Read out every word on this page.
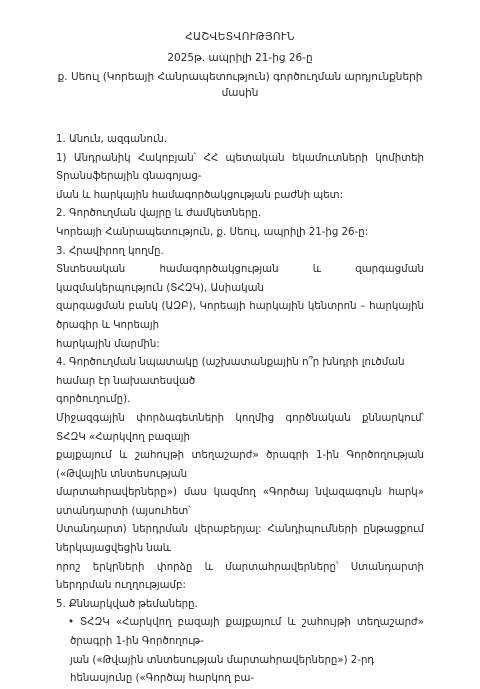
ՀԱՇՎԵՏՎՈՒԹՅՈՒՆ
2025թ. ապրիլի 21-ից 26-ը
ք. Սեուլ (Կորեայի Հանրապետություն) գործուղման արդյունքների մասին
1. Անուն, ազգանուն.
1) Անդրանիկ Հակոբյան՝ ՀՀ պետական եկամուտների կոմիտեի Տրանսֆերային գնագոյաց-
ման և հարկային համագործակցության բաժնի պետ:
2. Գործուղման վայրը և ժամկետները.
Կորեայի Հանրապետություն, ք. Սեուլ, ապրիլի 21-ից 26-ը:
3. Հրավիրող կողմը.
Տնտեսական համագործակցության և զարգացման կազմակերպություն (ՏՀԶԿ), Ասիական
զարգացման բանկ (ԱԶԲ), Կորեայի հարկային կենտրոն – հարկային ծրագիր և Կորեայի
հարկային մարմին:
4. Գործուղման նպատակը (աշխատանքային ո՞ր խնդրի լուծման համար էր նախատեսված
գործուղումը).
Միջազգային փորձագետների կողմից գործնական քննարկում՝ ՏՀԶԿ «Հարկվող բազայի
քայքայում և շահույթի տեղաշարժ» ծրագրի 1-ին Գործողության («Թվային տնտեսության
մարտահրավերները») մաս կազմող «Գործայ նվազագույն հարկ» ստանդարտի (այսուհետ՝
Ստանդարտ) ներդրման վերաբերյալ: Հանդիպումների ընթացքում ներկայացվեցին նաև
որոշ երկրների փորձը և մարտահրավերները՝ Ստանդարտի ներդրման ուղղությամբ:
5. Քննարկված թեմաները.
• ՏՀԶԿ «Հարկվող բազայի քայքայում և շահույթի տեղաշարժ» ծրագրի 1-ին Գործողութ-
յան («Թվային տնտեսության մարտահրավերները») 2-րդ հենասյունը («Գործայ հարկող բա-
